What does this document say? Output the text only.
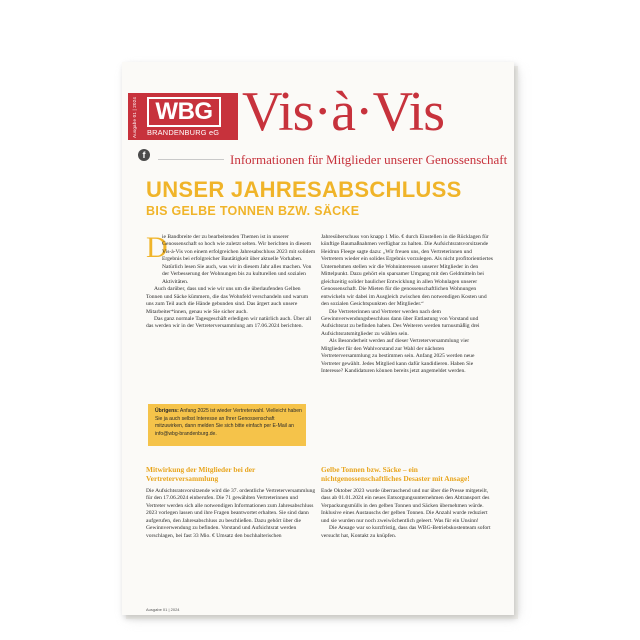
Ausgabe 01 | 2024 WBG
BRANDENBURG eG Vis·à·Vis
Informationen für Mitglieder unserer Genossenschaft
f
UNSER JAHRESABSCHLUSS
BIS GELBE TONNEN BZW. SÄCKE
D

ie Bandbreite der zu bearbeitenden Themen ist in unserer Genossenschaft so hoch wie zuletzt selten. Wir berichten in diesem Vis-à-Vis von einem erfolgreichen Jahresabschluss 2023 mit solidem Ergebnis bei erfolgreicher Bautätigkeit über aktuelle Vorhaben. Natürlich lesen Sie auch, was wir in diesem Jahr alles machen. Von der Verbesserung der Wohnungen bis zu kulturellen und sozialen Aktivitäten.

Auch darüber, dass und wie wir uns um die überlaufenden Gelben Tonnen und Säcke kümmern, die das Wohnfeld verschandeln und warum uns zum Teil auch die Hände gebunden sind. Das ärgert auch unsere Mitarbeiter*innen, genau wie Sie sicher auch.

Das ganz normale Tagesgeschäft erledigen wir natürlich auch. Über all das werden wir in der Vertreterversammlung am 17.06.2024 berichten.

Jahresüberschuss von knapp 1 Mio. € durch Einstellen in die Rücklagen für künftige Baumaßnahmen verfügbar zu halten. Die Aufsichtsratsvorsitzende Heidrun Fleege sagte dazu: „Wir freuen uns, den Vertreterinnen und Vertretern wieder ein solides Ergebnis vorzulegen. Als nicht profitorientiertes Unternehmen stellen wir die Wohninteressen unserer Mitglieder in den Mittelpunkt. Dazu gehört ein sparsamer Umgang mit den Geldmitteln bei gleichzeitig solider baulicher Entwicklung in allen Wohnlagen unserer Genossenschaft. Die Mieten für die genossenschaftlichen Wohnungen entwickeln wir dabei im Ausgleich zwischen den notwendigen Kosten und den sozialen Gesichtspunkten der Mitglieder.“

Die Vertreterinnen und Vertreter werden nach dem Gewinnverwendungsbeschluss dann über Entlastung von Vorstand und Aufsichtsrat zu befinden haben. Des Weiteren werden turnusmäßig drei Aufsichtsratsmitglieder zu wählen sein.

Als Besonderheit werden auf dieser Vertreterversammlung vier Mitglieder für den Wahlvorstand zur Wahl der nächsten Vertreterversammlung zu bestimmen sein. Anfang 2025 werden neue Vertreter gewählt. Jedes Mitglied kann dafür kandidieren. Haben Sie Interesse? Kandidaturen können bereits jetzt angemeldet werden.

Übrigens: Anfang 2025 ist wieder Vertreterwahl. Vielleicht haben Sie ja auch selbst Interesse an Ihrer Genossenschaft mitzuwirken, dann melden Sie sich bitte einfach per E-Mail an info@wbg-brandenburg.de.
Mitwirkung der Mitglieder bei der Vertreterversammlung

Die Aufsichtsratsvorsitzende wird die 37. ordentliche Vertreterversammlung für den 17.06.2024 einberufen. Die 71 gewählten Vertreterinnen und Vertreter werden sich alle notwendigen Informationen zum Jahresabschluss 2023 vorlegen lassen und ihre Fragen beantwortet erhalten. Sie sind dann aufgerufen, den Jahresabschluss zu beschließen. Dazu gehört über die Gewinnverwendung zu befinden. Vorstand und Aufsichtsrat werden vorschlagen, bei fast 33 Mio. € Umsatz den buchhalterischen

Gelbe Tonnen bzw. Säcke – ein nichtgenossenschaftliches Desaster mit Ansage!

Ende Oktober 2023 wurde überraschend und nur über die Presse mitgeteilt, dass ab 01.01.2024 ein neues Entsorgungsunternehmen den Abtransport des Verpackungsmülls in den gelben Tonnen und Säcken übernehmen würde. Inklusive eines Austauschs der gelben Tonnen. Die Anzahl wurde reduziert und sie wurden nur noch zweiwöchentlich geleert. Was für ein Unsinn!

Die Ansage war so kurzfristig, dass das WBG-Betriebskostenteam sofort versucht hat, Kontakt zu knüpfen.

Ausgabe 01 | 2024
